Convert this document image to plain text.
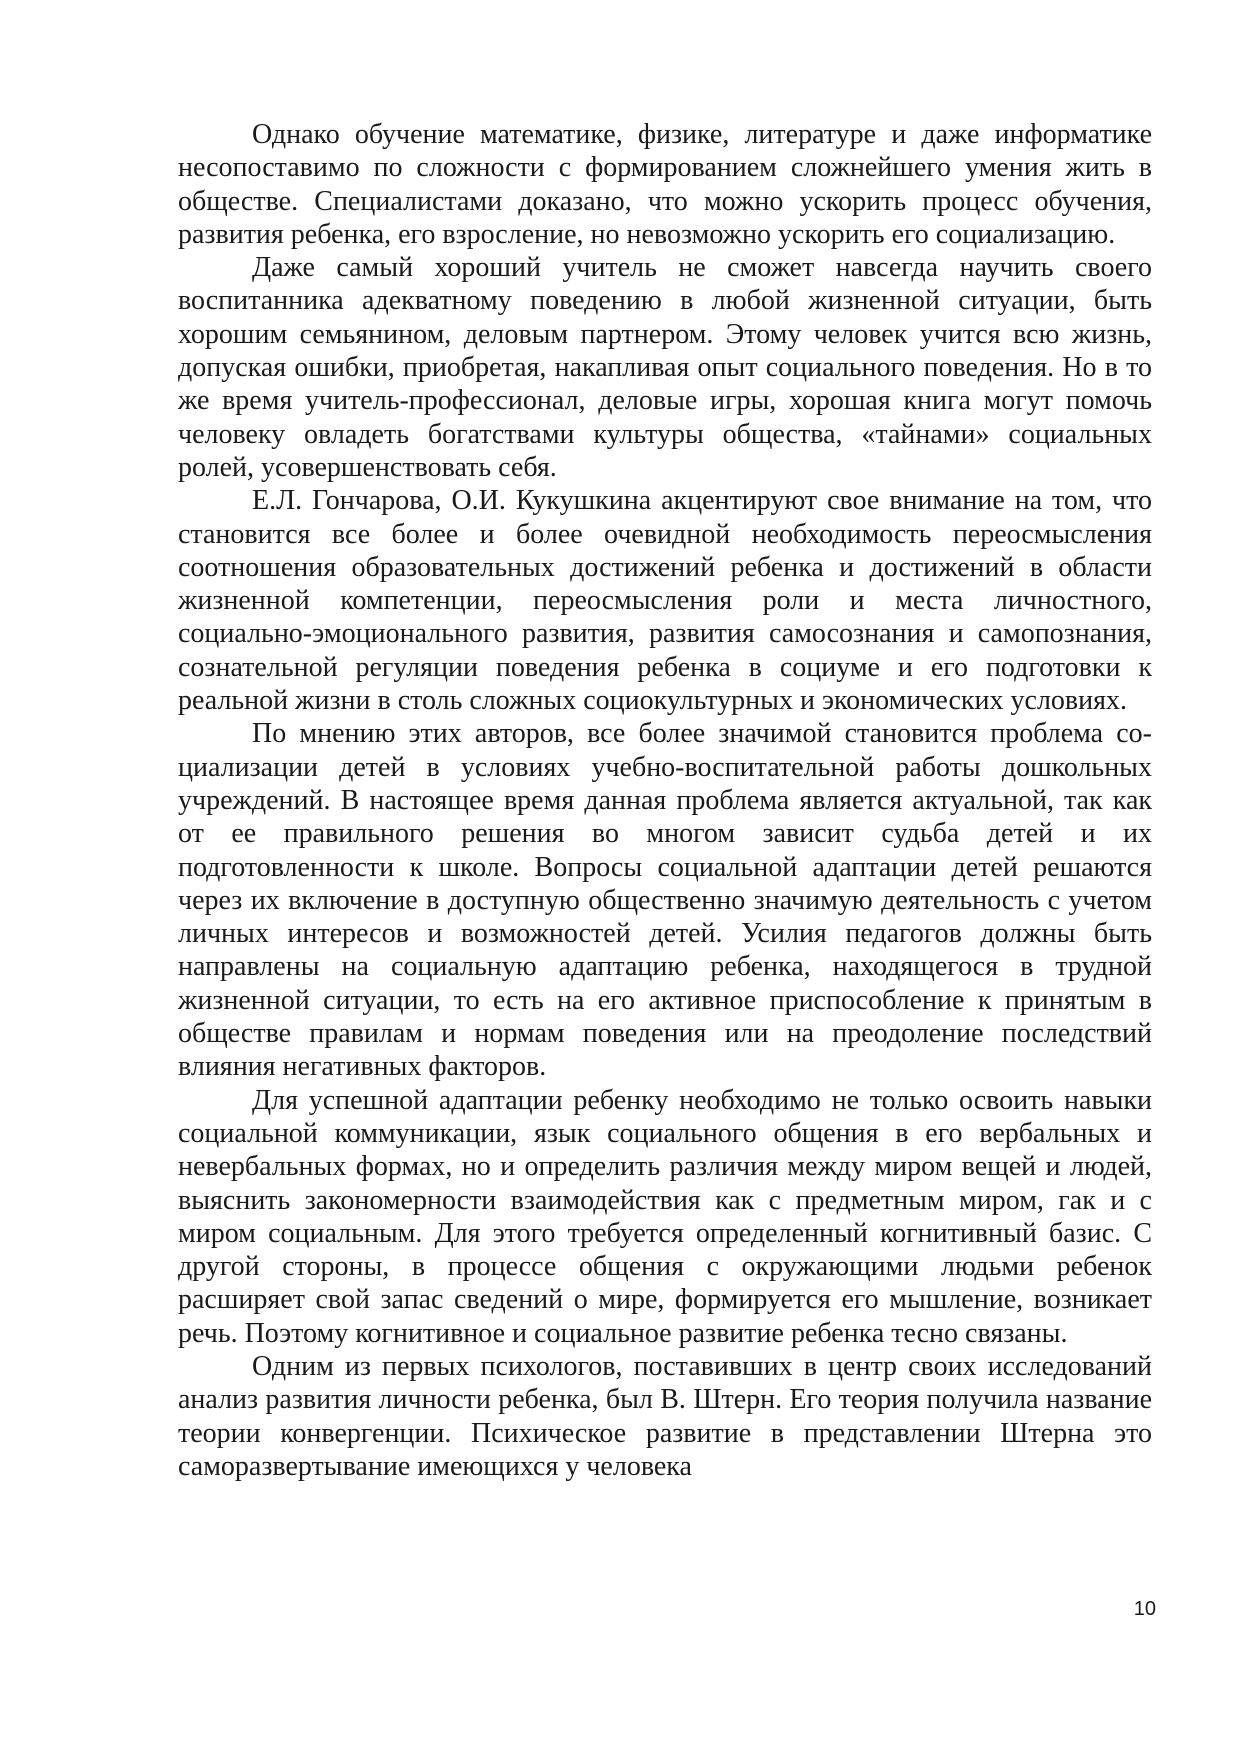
Однако обучение математике, физике, литературе и даже информатике несопоставимо по сложности с формированием сложнейшего умения жить в обществе. Специалистами доказано, что можно ускорить процесс обучения, развития ребенка, его взросление, но невозможно ускорить его социализацию.

Даже самый хороший учитель не сможет навсегда научить своего воспитанника адекватному поведению в любой жизненной ситуации, быть хорошим семьянином, деловым партнером. Этому человек учится всю жизнь, допуская ошибки, приобретая, накапливая опыт социального поведения. Но в то же время учитель-профессионал, деловые игры, хорошая книга могут помочь человеку овладеть богатствами культуры общества, «тайнами» социальных ролей, усовершенствовать себя.

Е.Л. Гончарова, О.И. Кукушкина акцентируют свое внимание на том, что становится все более и более очевидной необходимость переосмысления соотношения образовательных достижений ребенка и достижений в области жизненной компетенции, переосмысления роли и места личностного, социально-эмоционального развития, развития самосознания и самопознания, сознательной регуляции поведения ребенка в социуме и его подготовки к реальной жизни в столь сложных социокультурных и экономических условиях.

По мнению этих авторов, все более значимой становится проблема со-циализации детей в условиях учебно-воспитательной работы дошкольных учреждений. В настоящее время данная проблема является актуальной, так как от ее правильного решения во многом зависит судьба детей и их подготовленности к школе. Вопросы социальной адаптации детей решаются через их включение в доступную общественно значимую деятельность с учетом личных интересов и возможностей детей. Усилия педагогов должны быть направлены на социальную адаптацию ребенка, находящегося в трудной жизненной ситуации, то есть на его активное приспособление к принятым в обществе правилам и нормам поведения или на преодоление последствий влияния негативных факторов.

Для успешной адаптации ребенку необходимо не только освоить навыки социальной коммуникации, язык социального общения в его вербальных и невербальных формах, но и определить различия между миром вещей и людей, выяснить закономерности взаимодействия как с предметным миром, гак и с миром социальным. Для этого требуется определенный когнитивный базис. С другой стороны, в процессе общения с окружающими людьми ребенок расширяет свой запас сведений о мире, формируется его мышление, возникает речь. Поэтому когнитивное и социальное развитие ребенка тесно связаны.

Одним из первых психологов, поставивших в центр своих исследований анализ развития личности ребенка, был В. Штерн. Его теория получила название теории конвергенции. Психическое развитие в представлении Штерна это саморазвертывание имеющихся у человека

10
